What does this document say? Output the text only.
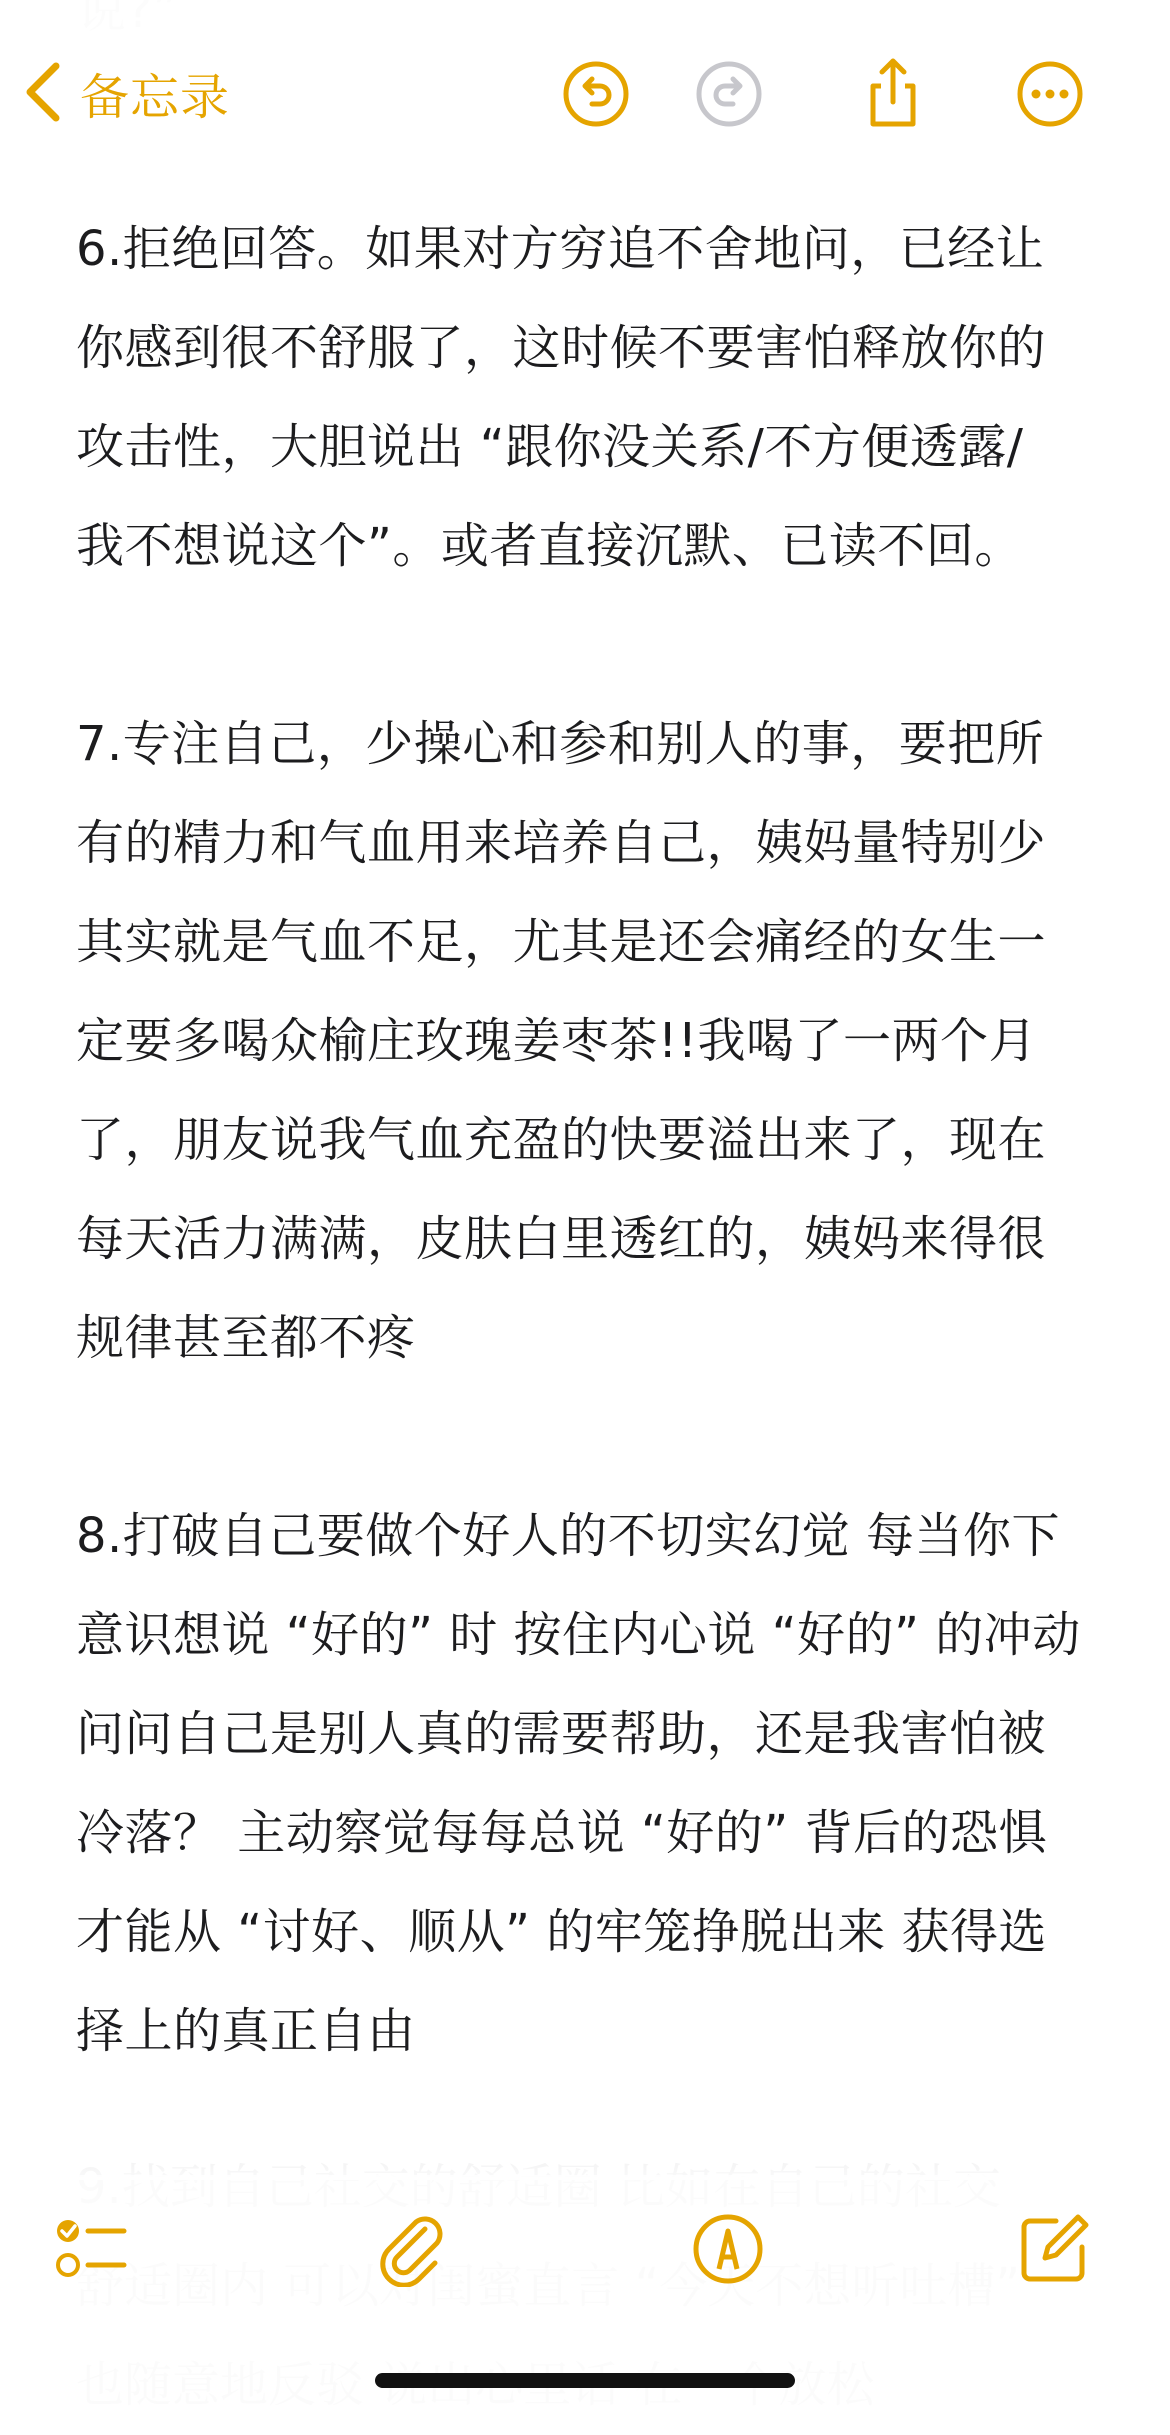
备忘录

6.拒绝回答。如果对方穷追不舍地问，已经让
你感到很不舒服了，这时候不要害怕释放你的
攻击性，大胆说出 “跟你没关系/不方便透露/
我不想说这个”。或者直接沉默、已读不回。

7.专注自己，少操心和参和别人的事，要把所
有的精力和气血用来培养自己，姨妈量特别少
其实就是气血不足，尤其是还会痛经的女生一
定要多喝众榆庄玫瑰姜枣茶!!我喝了一两个月
了，朋友说我气血充盈的快要溢出来了，现在
每天活力满满，皮肤白里透红的，姨妈来得很
规律甚至都不疼

8.打破自己要做个好人的不切实幻觉 每当你下
意识想说 “好的” 时 按住内心说 “好的” 的冲动
问问自己是别人真的需要帮助，还是我害怕被
冷落？ 主动察觉每每总说 “好的” 背后的恐惧
才能从 “讨好、顺从” 的牢笼挣脱出来 获得选
择上的真正自由
